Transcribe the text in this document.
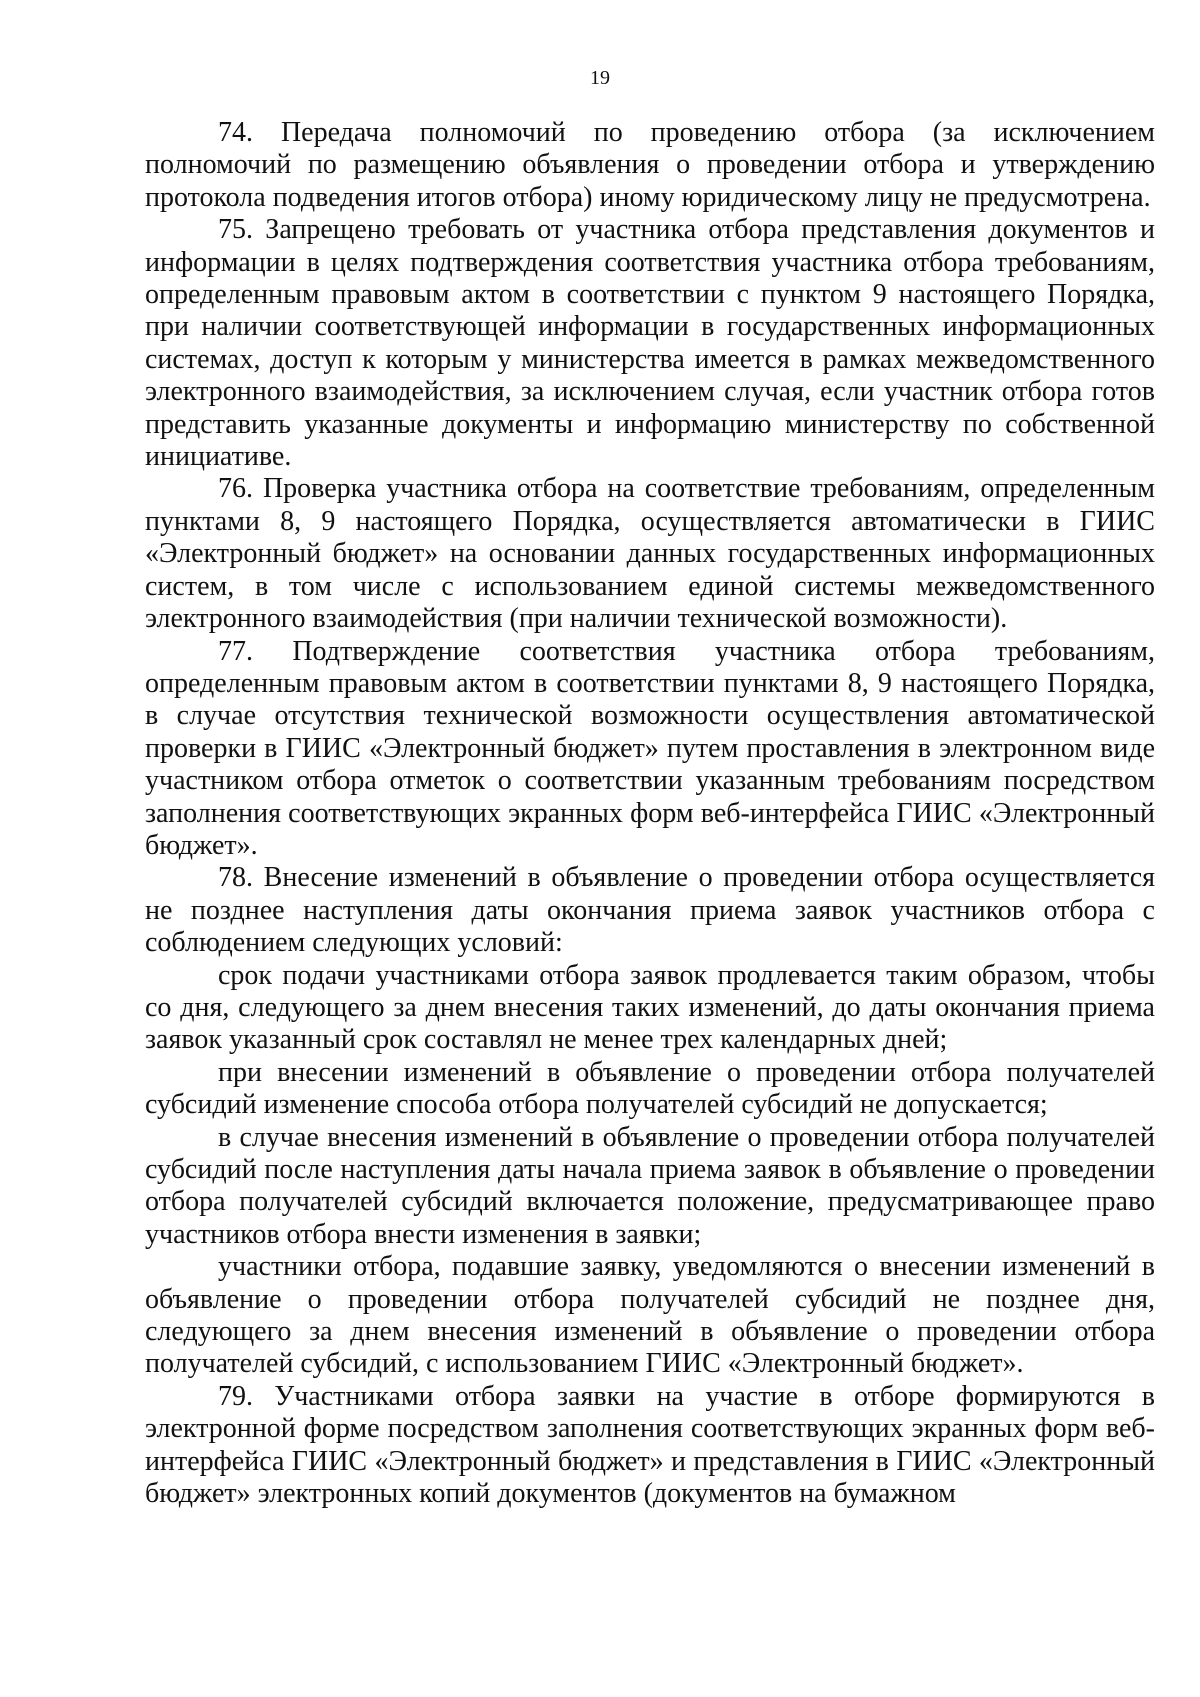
19

74. Передача полномочий по проведению отбора (за исключением полномочий по размещению объявления о проведении отбора и утверждению протокола подведения итогов отбора) иному юридическому лицу не предусмотрена.

75. Запрещено требовать от участника отбора представления документов и информации в целях подтверждения соответствия участника отбора требованиям, определенным правовым актом в соответствии с пунктом 9 настоящего Порядка, при наличии соответствующей информации в государственных информационных системах, доступ к которым у министерства имеется в рамках межведомственного электронного взаимодействия, за исключением случая, если участник отбора готов представить указанные документы и информацию министерству по собственной инициативе.

76. Проверка участника отбора на соответствие требованиям, определенным пунктами 8, 9 настоящего Порядка, осуществляется автоматически в ГИИС «Электронный бюджет» на основании данных государственных информационных систем, в том числе с использованием единой системы межведомственного электронного взаимодействия (при наличии технической возможности).

77. Подтверждение соответствия участника отбора требованиям, определенным правовым актом в соответствии пунктами 8, 9 настоящего Порядка, в случае отсутствия технической возможности осуществления автоматической проверки в ГИИС «Электронный бюджет» путем проставления в электронном виде участником отбора отметок о соответствии указанным требованиям посредством заполнения соответствующих экранных форм веб-интерфейса ГИИС «Электронный бюджет».

78. Внесение изменений в объявление о проведении отбора осуществляется не позднее наступления даты окончания приема заявок участников отбора с соблюдением следующих условий:

срок подачи участниками отбора заявок продлевается таким образом, чтобы со дня, следующего за днем внесения таких изменений, до даты окончания приема заявок указанный срок составлял не менее трех календарных дней;

при внесении изменений в объявление о проведении отбора получателей субсидий изменение способа отбора получателей субсидий не допускается;

в случае внесения изменений в объявление о проведении отбора получателей субсидий после наступления даты начала приема заявок в объявление о проведении отбора получателей субсидий включается положение, предусматривающее право участников отбора внести изменения в заявки;

участники отбора, подавшие заявку, уведомляются о внесении изменений в объявление о проведении отбора получателей субсидий не позднее дня, следующего за днем внесения изменений в объявление о проведении отбора получателей субсидий, с использованием ГИИС «Электронный бюджет».

79. Участниками отбора заявки на участие в отборе формируются в электронной форме посредством заполнения соответствующих экранных форм веб-интерфейса ГИИС «Электронный бюджет» и представления в ГИИС «Электронный бюджет» электронных копий документов (документов на бумажном
